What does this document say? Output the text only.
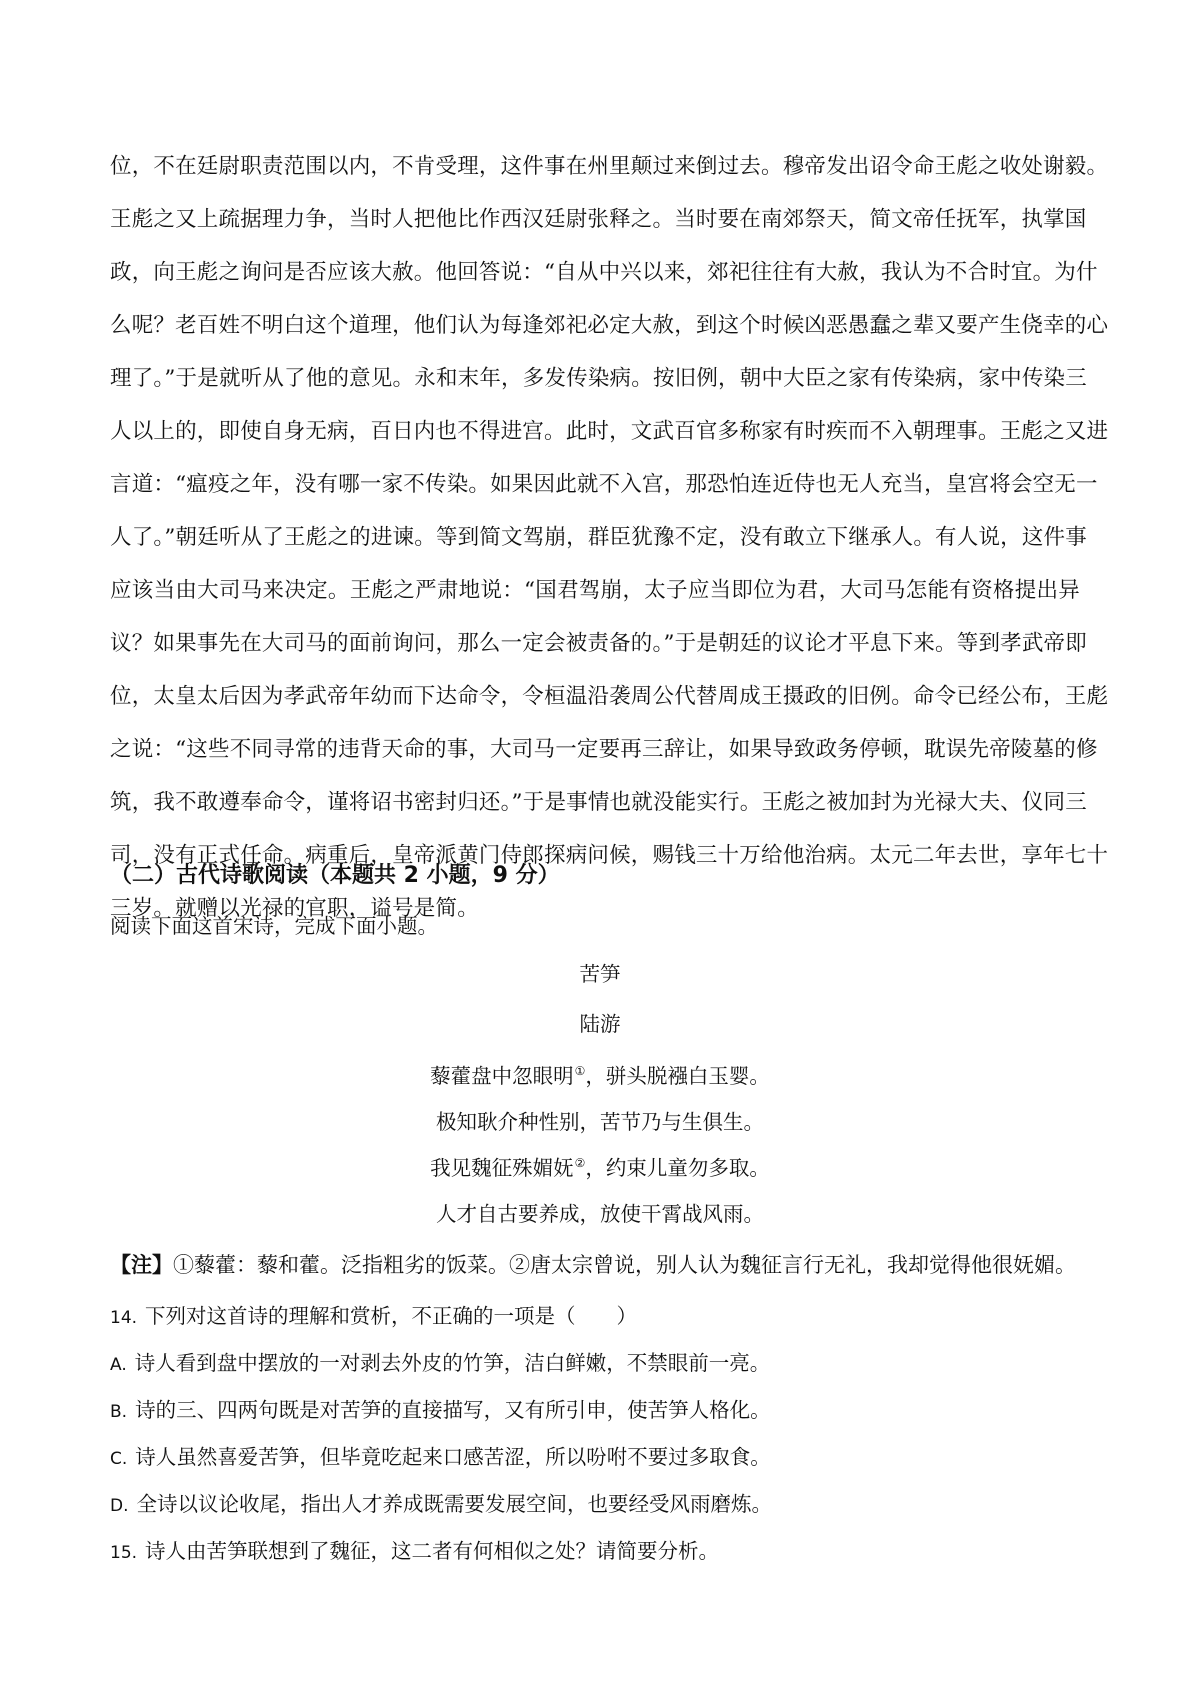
位，不在廷尉职责范围以内，不肯受理，这件事在州里颠过来倒过去。穆帝发出诏令命王彪之收处谢毅。
王彪之又上疏据理力争，当时人把他比作西汉廷尉张释之。当时要在南郊祭天，简文帝任抚军，执掌国
政，向王彪之询问是否应该大赦。他回答说：“自从中兴以来，郊祀往往有大赦，我认为不合时宜。为什
么呢？老百姓不明白这个道理，他们认为每逢郊祀必定大赦，到这个时候凶恶愚蠢之辈又要产生侥幸的心
理了。”于是就听从了他的意见。永和末年，多发传染病。按旧例，朝中大臣之家有传染病，家中传染三
人以上的，即使自身无病，百日内也不得进宫。此时，文武百官多称家有时疾而不入朝理事。王彪之又进
言道：“瘟疫之年，没有哪一家不传染。如果因此就不入宫，那恐怕连近侍也无人充当，皇宫将会空无一
人了。”朝廷听从了王彪之的进谏。等到简文驾崩，群臣犹豫不定，没有敢立下继承人。有人说，这件事
应该当由大司马来决定。王彪之严肃地说：“国君驾崩，太子应当即位为君，大司马怎能有资格提出异
议？如果事先在大司马的面前询问，那么一定会被责备的。”于是朝廷的议论才平息下来。等到孝武帝即
位，太皇太后因为孝武帝年幼而下达命令，令桓温沿袭周公代替周成王摄政的旧例。命令已经公布，王彪
之说：“这些不同寻常的违背天命的事，大司马一定要再三辞让，如果导致政务停顿，耽误先帝陵墓的修
筑，我不敢遵奉命令，谨将诏书密封归还。”于是事情也就没能实行。王彪之被加封为光禄大夫、仪同三
司，没有正式任命。病重后，皇帝派黄门侍郎探病问候，赐钱三十万给他治病。太元二年去世，享年七十
三岁。就赠以光禄的官职，谥号是简。
（二）古代诗歌阅读（本题共 2 小题，9 分）
阅读下面这首宋诗，完成下面小题。
苦笋
陆游
藜藿盘中忽眼明①，骈头脱襁白玉婴。
极知耿介种性别，苦节乃与生俱生。
我见魏征殊媚妩②，约束儿童勿多取。
人才自古要养成，放使干霄战风雨。
【注】①藜藿：藜和藿。泛指粗劣的饭菜。②唐太宗曾说，别人认为魏征言行无礼，我却觉得他很妩媚。
14. 下列对这首诗的理解和赏析，不正确的一项是（　　）
A. 诗人看到盘中摆放的一对剥去外皮的竹笋，洁白鲜嫩，不禁眼前一亮。
B. 诗的三、四两句既是对苦笋的直接描写，又有所引申，使苦笋人格化。
C. 诗人虽然喜爱苦笋，但毕竟吃起来口感苦涩，所以吩咐不要过多取食。
D. 全诗以议论收尾，指出人才养成既需要发展空间，也要经受风雨磨炼。
15. 诗人由苦笋联想到了魏征，这二者有何相似之处？请简要分析。
